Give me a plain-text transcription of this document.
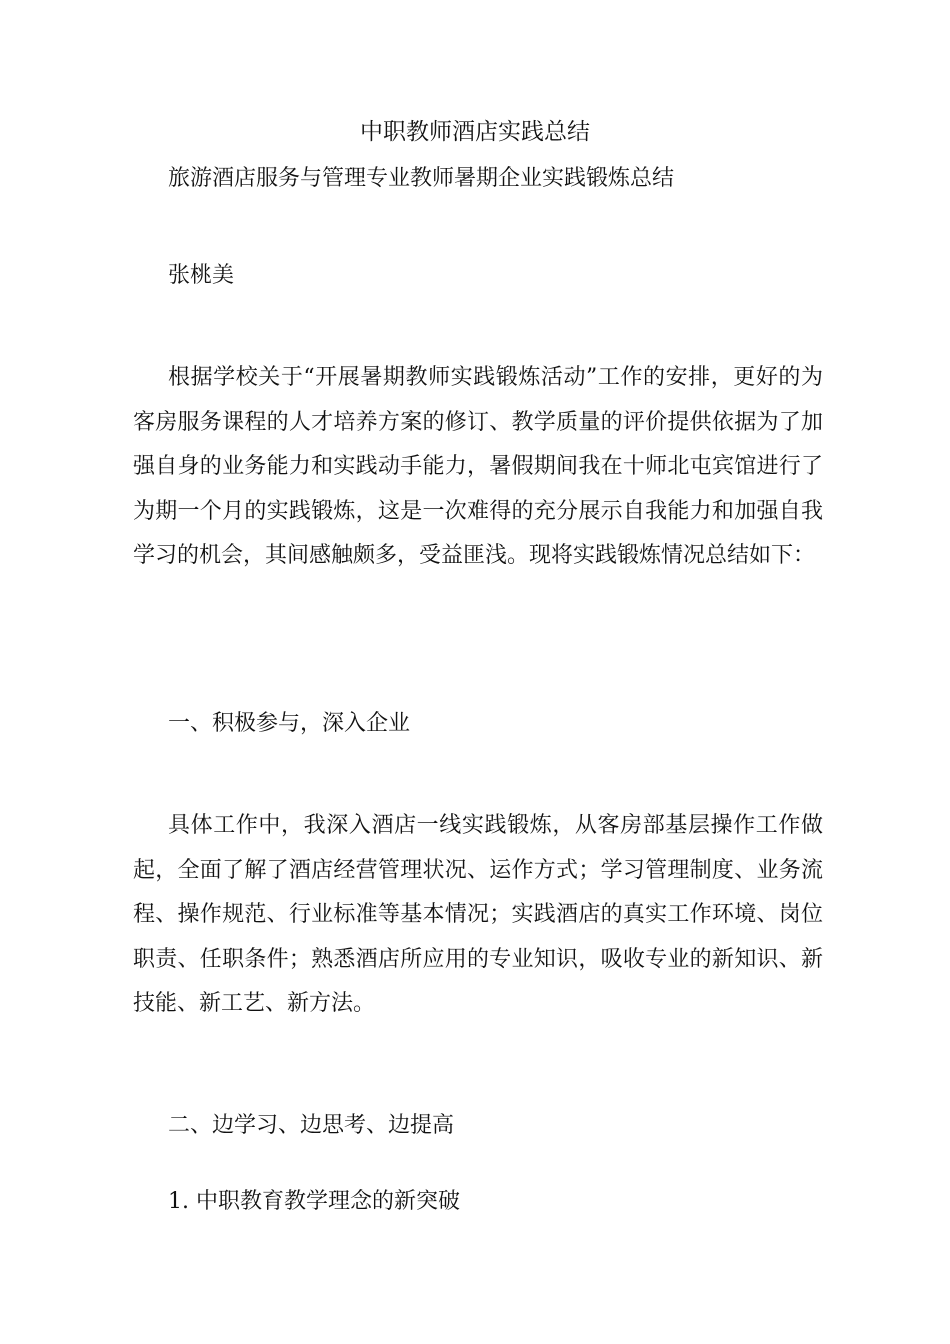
中职教师酒店实践总结
旅游酒店服务与管理专业教师暑期企业实践锻炼总结
张桃美
根据学校关于“开展暑期教师实践锻炼活动”工作的安排，更好的为客房服务课程的人才培养方案的修订、教学质量的评价提供依据为了加强自身的业务能力和实践动手能力，暑假期间我在十师北屯宾馆进行了为期一个月的实践锻炼，这是一次难得的充分展示自我能力和加强自我学习的机会，其间感触颇多，受益匪浅。现将实践锻炼情况总结如下：
一、积极参与，深入企业
具体工作中，我深入酒店一线实践锻炼，从客房部基层操作工作做起，全面了解了酒店经营管理状况、运作方式；学习管理制度、业务流程、操作规范、行业标准等基本情况；实践酒店的真实工作环境、岗位职责、任职条件；熟悉酒店所应用的专业知识，吸收专业的新知识、新技能、新工艺、新方法。
二、边学习、边思考、边提高
1. 中职教育教学理念的新突破
